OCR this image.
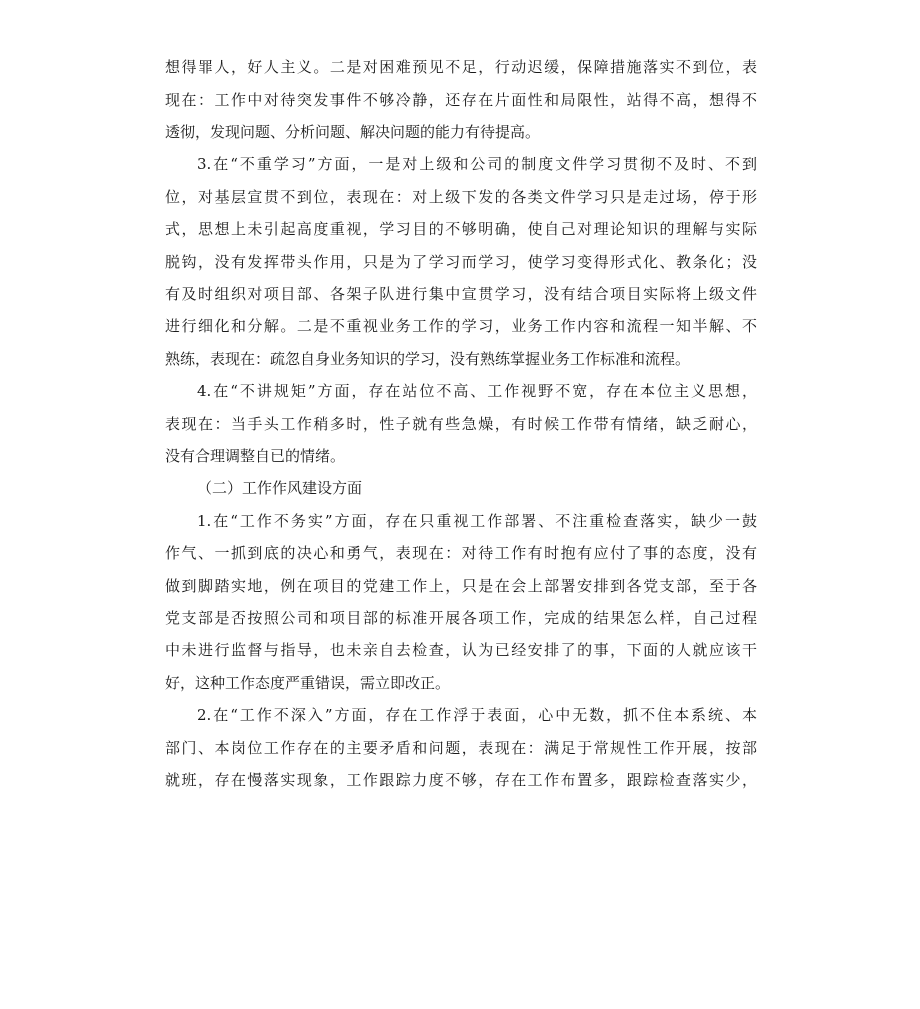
想得罪人，好人主义。二是对困难预见不足，行动迟缓，保障措施落实不到位，表
现在：工作中对待突发事件不够冷静，还存在片面性和局限性，站得不高，想得不
透彻，发现问题、分析问题、解决问题的能力有待提高。
3.在“不重学习”方面，一是对上级和公司的制度文件学习贯彻不及时、不到
位，对基层宣贯不到位，表现在：对上级下发的各类文件学习只是走过场，停于形
式，思想上未引起高度重视，学习目的不够明确，使自己对理论知识的理解与实际
脱钩，没有发挥带头作用，只是为了学习而学习，使学习变得形式化、教条化；没
有及时组织对项目部、各架子队进行集中宣贯学习，没有结合项目实际将上级文件
进行细化和分解。二是不重视业务工作的学习，业务工作内容和流程一知半解、不
熟练，表现在：疏忽自身业务知识的学习，没有熟练掌握业务工作标准和流程。
4.在“不讲规矩”方面，存在站位不高、工作视野不宽，存在本位主义思想，
表现在：当手头工作稍多时，性子就有些急燥，有时候工作带有情绪，缺乏耐心，
没有合理调整自已的情绪。
（二）工作作风建设方面
1.在“工作不务实”方面，存在只重视工作部署、不注重检查落实，缺少一鼓
作气、一抓到底的决心和勇气，表现在：对待工作有时抱有应付了事的态度，没有
做到脚踏实地，例在项目的党建工作上，只是在会上部署安排到各党支部，至于各
党支部是否按照公司和项目部的标准开展各项工作，完成的结果怎么样，自己过程
中未进行监督与指导，也未亲自去检查，认为已经安排了的事，下面的人就应该干
好，这种工作态度严重错误，需立即改正。
2.在“工作不深入”方面，存在工作浮于表面，心中无数，抓不住本系统、本
部门、本岗位工作存在的主要矛盾和问题，表现在：满足于常规性工作开展，按部
就班，存在慢落实现象，工作跟踪力度不够，存在工作布置多，跟踪检查落实少，
